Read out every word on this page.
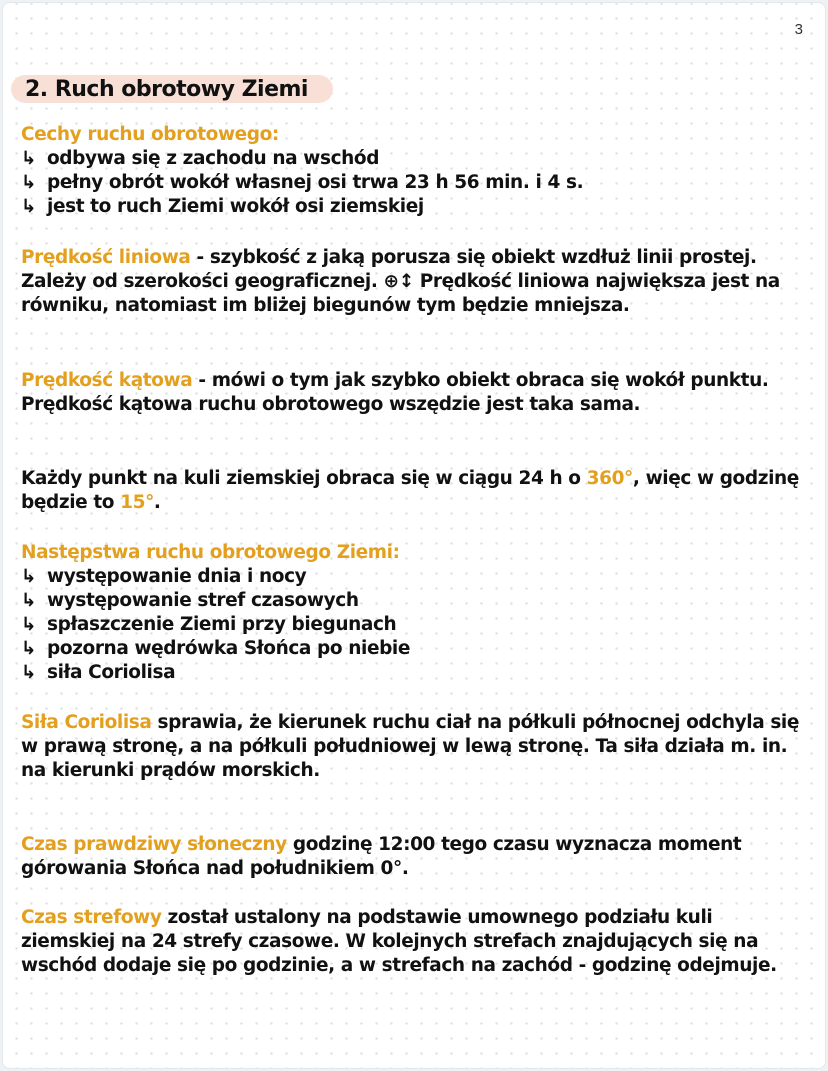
3
2. Ruch obrotowy Ziemi
Cechy ruchu obrotowego:
↳ odbywa się z zachodu na wschód
↳ pełny obrót wokół własnej osi trwa 23 h 56 min. i 4 s.
↳ jest to ruch Ziemi wokół osi ziemskiej

Prędkość liniowa - szybkość z jaką porusza się obiekt wzdłuż linii prostej. Zależy od szerokości geograficznej. ⊕↕ Prędkość liniowa największa jest na równiku, natomiast im bliżej biegunów tym będzie mniejsza.

Prędkość kątowa - mówi o tym jak szybko obiekt obraca się wokół punktu. Prędkość kątowa ruchu obrotowego wszędzie jest taka sama.

Każdy punkt na kuli ziemskiej obraca się w ciągu 24 h o 360°, więc w godzinę będzie to 15°.

Następstwa ruchu obrotowego Ziemi:
↳ występowanie dnia i nocy
↳ występowanie stref czasowych
↳ spłaszczenie Ziemi przy biegunach
↳ pozorna wędrówka Słońca po niebie
↳ siła Coriolisa

Siła Coriolisa sprawia, że kierunek ruchu ciał na półkuli północnej odchyla się w prawą stronę, a na półkuli południowej w lewą stronę. Ta siła działa m. in. na kierunki prądów morskich.

Czas prawdziwy słoneczny godzinę 12:00 tego czasu wyznacza moment górowania Słońca nad południkiem 0°.

Czas strefowy został ustalony na podstawie umownego podziału kuli ziemskiej na 24 strefy czasowe. W kolejnych strefach znajdujących się na wschód dodaje się po godzinie, a w strefach na zachód - godzinę odejmuje.
